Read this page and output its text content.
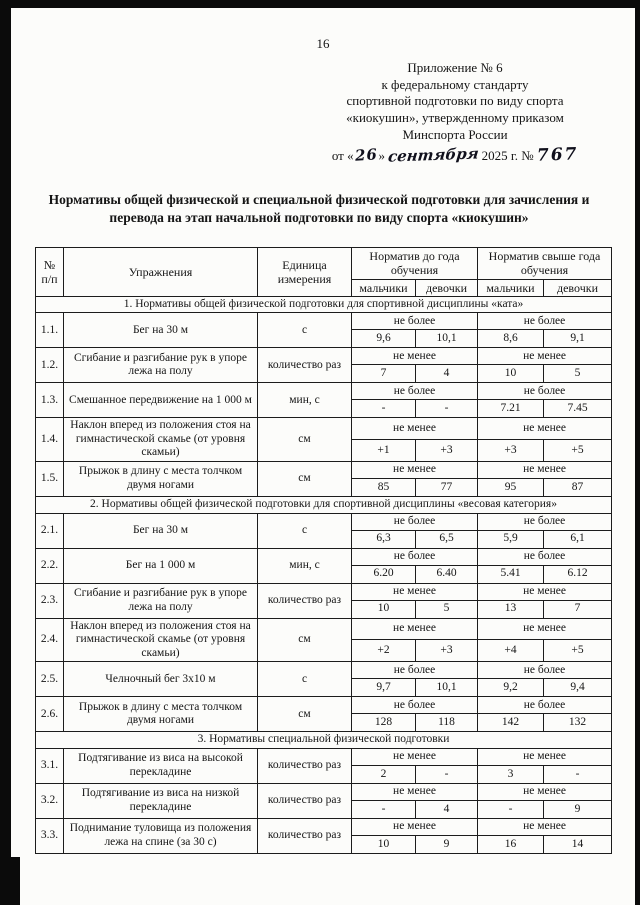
16
Приложение № 6
к федеральному стандарту
спортивной подготовки по виду спорта
«киокушин», утвержденному приказом
Минспорта России
от «26» сентября 2025 г. № 767
Нормативы общей физической и специальной физической подготовки для зачисления и перевода на этап начальной подготовки по виду спорта «киокушин»
№ п/п	Упражнения	Единица измерения	Норматив до года обучения		Норматив свыше года обучения	
			мальчики	девочки	мальчики	девочки
1. Нормативы общей физической подготовки для спортивной дисциплины «ката»						
1.1.	Бег на 30 м	с	не более		не более	
			9,6	10,1	8,6	9,1
1.2.	Сгибание и разгибание рук в упоре лежа на полу	количество раз	не менее		не менее	
			7	4	10	5
1.3.	Смешанное передвижение на 1 000 м	мин, с	не более		не более	
			-	-	7.21	7.45
1.4.	Наклон вперед из положения стоя на гимнастической скамье (от уровня скамьи)	см	не менее		не менее	
			+1	+3	+3	+5
1.5.	Прыжок в длину с места толчком двумя ногами	см	не менее		не менее	
			85	77	95	87
2. Нормативы общей физической подготовки для спортивной дисциплины «весовая категория»						
2.1.	Бег на 30 м	с	не более		не более	
			6,3	6,5	5,9	6,1
2.2.	Бег на 1 000 м	мин, с	не более		не более	
			6.20	6.40	5.41	6.12
2.3.	Сгибание и разгибание рук в упоре лежа на полу	количество раз	не менее		не менее	
			10	5	13	7
2.4.	Наклон вперед из положения стоя на гимнастической скамье (от уровня скамьи)	см	не менее		не менее	
			+2	+3	+4	+5
2.5.	Челночный бег 3х10 м	с	не более		не более	
			9,7	10,1	9,2	9,4
2.6.	Прыжок в длину с места толчком двумя ногами	см	не более		не более	
			128	118	142	132
3. Нормативы специальной физической подготовки						
3.1.	Подтягивание из виса на высокой перекладине	количество раз	не менее		не менее	
			2	-	3	-
3.2.	Подтягивание из виса на низкой перекладине	количество раз	не менее		не менее	
			-	4	-	9
3.3.	Поднимание туловища из положения лежа на спине (за 30 с)	количество раз	не менее		не менее	
			10	9	16	14
